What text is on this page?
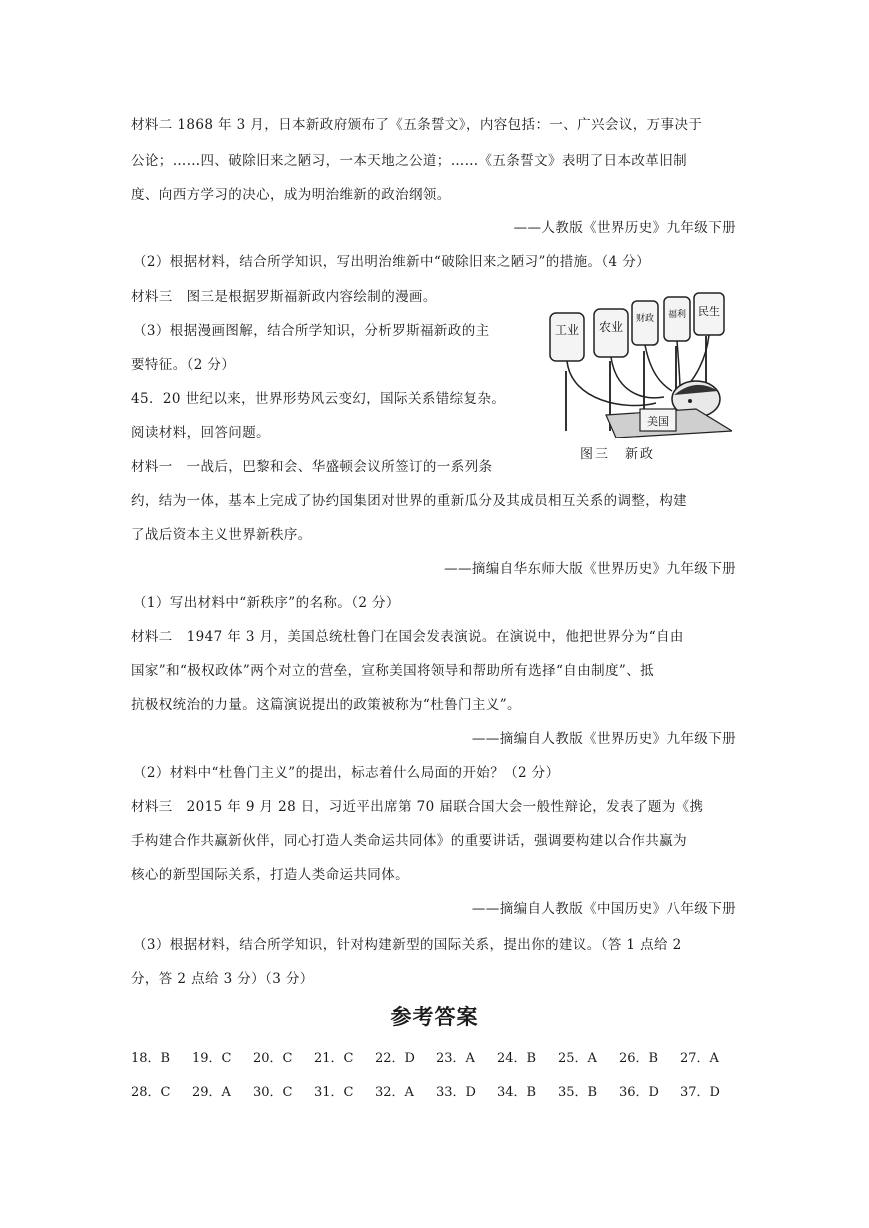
材料二 1868 年 3 月，日本新政府颁布了《五条誓文》，内容包括：一、广兴会议，万事决于
公论；……四、破除旧来之陋习，一本天地之公道；……《五条誓文》表明了日本改革旧制
度、向西方学习的决心，成为明治维新的政治纲领。
——人教版《世界历史》九年级下册
（2）根据材料，结合所学知识，写出明治维新中“破除旧来之陋习”的措施。（4 分）
材料三　图三是根据罗斯福新政内容绘制的漫画。
（3）根据漫画图解，结合所学知识，分析罗斯福新政的主
要特征。（2 分）
45．20 世纪以来，世界形势风云变幻，国际关系错综复杂。
阅读材料，回答问题。
材料一　一战后，巴黎和会、华盛顿会议所签订的一系列条
约，结为一体，基本上完成了协约国集团对世界的重新瓜分及其成员相互关系的调整，构建
了战后资本主义世界新秩序。
——摘编自华东师大版《世界历史》九年级下册
（1）写出材料中“新秩序”的名称。（2 分）
材料二　1947 年 3 月，美国总统杜鲁门在国会发表演说。在演说中，他把世界分为“自由
国家”和“极权政体”两个对立的营垒，宣称美国将领导和帮助所有选择“自由制度”、抵
抗极权统治的力量。这篇演说提出的政策被称为“杜鲁门主义”。
——摘编自人教版《世界历史》九年级下册
（2）材料中“杜鲁门主义”的提出，标志着什么局面的开始？（2 分）
材料三　2015 年 9 月 28 日，习近平出席第 70 届联合国大会一般性辩论，发表了题为《携
手构建合作共赢新伙伴，同心打造人类命运共同体》的重要讲话，强调要构建以合作共赢为
核心的新型国际关系，打造人类命运共同体。
——摘编自人教版《中国历史》八年级下册
（3）根据材料，结合所学知识，针对构建新型的国际关系，提出你的建议。（答 1 点给 2
分，答 2 点给 3 分）（3 分）
工业 农业
财政 福利 民生
美国
图三　新政
参考答案
18．B 19．C 20．C 21．C 22．D 23．A 24．B 25．A 26．B 27．A
28．C 29．A 30．C 31．C 32．A 33．D 34．B 35．B 36．D 37．D
